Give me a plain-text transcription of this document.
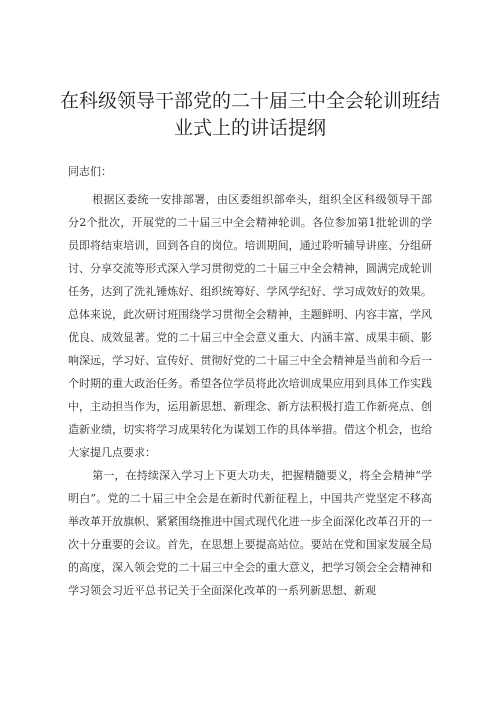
在科级领导干部党的二十届三中全会轮训班结
业式上的讲话提纲
同志们：

根据区委统一安排部署，由区委组织部牵头，组织全区科级领导干部分2个批次，开展党的二十届三中全会精神轮训。各位参加第1批轮训的学员即将结束培训，回到各自的岗位。培训期间，通过聆听辅导讲座、分组研讨、分享交流等形式深入学习贯彻党的二十届三中全会精神，圆满完成轮训任务，达到了洗礼锤炼好、组织统筹好、学风学纪好、学习成效好的效果。总体来说，此次研讨班围绕学习贯彻全会精神，主题鲜明、内容丰富，学风优良、成效显著。党的二十届三中全会意义重大、内涵丰富、成果丰硕、影响深远，学习好、宣传好、贯彻好党的二十届三中全会精神是当前和今后一个时期的重大政治任务。希望各位学员将此次培训成果应用到具体工作实践中，主动担当作为，运用新思想、新理念、新方法积极打造工作新亮点、创造新业绩，切实将学习成果转化为谋划工作的具体举措。借这个机会，也给大家提几点要求：

第一，在持续深入学习上下更大功夫，把握精髓要义，将全会精神“学明白”。党的二十届三中全会是在新时代新征程上，中国共产党坚定不移高举改革开放旗帜、紧紧围绕推进中国式现代化进一步全面深化改革召开的一次十分重要的会议。首先，在思想上要提高站位。要站在党和国家发展全局的高度，深入领会党的二十届三中全会的重大意义，把学习领会全会精神和学习领会习近平总书记关于全面深化改革的一系列新思想、新观
